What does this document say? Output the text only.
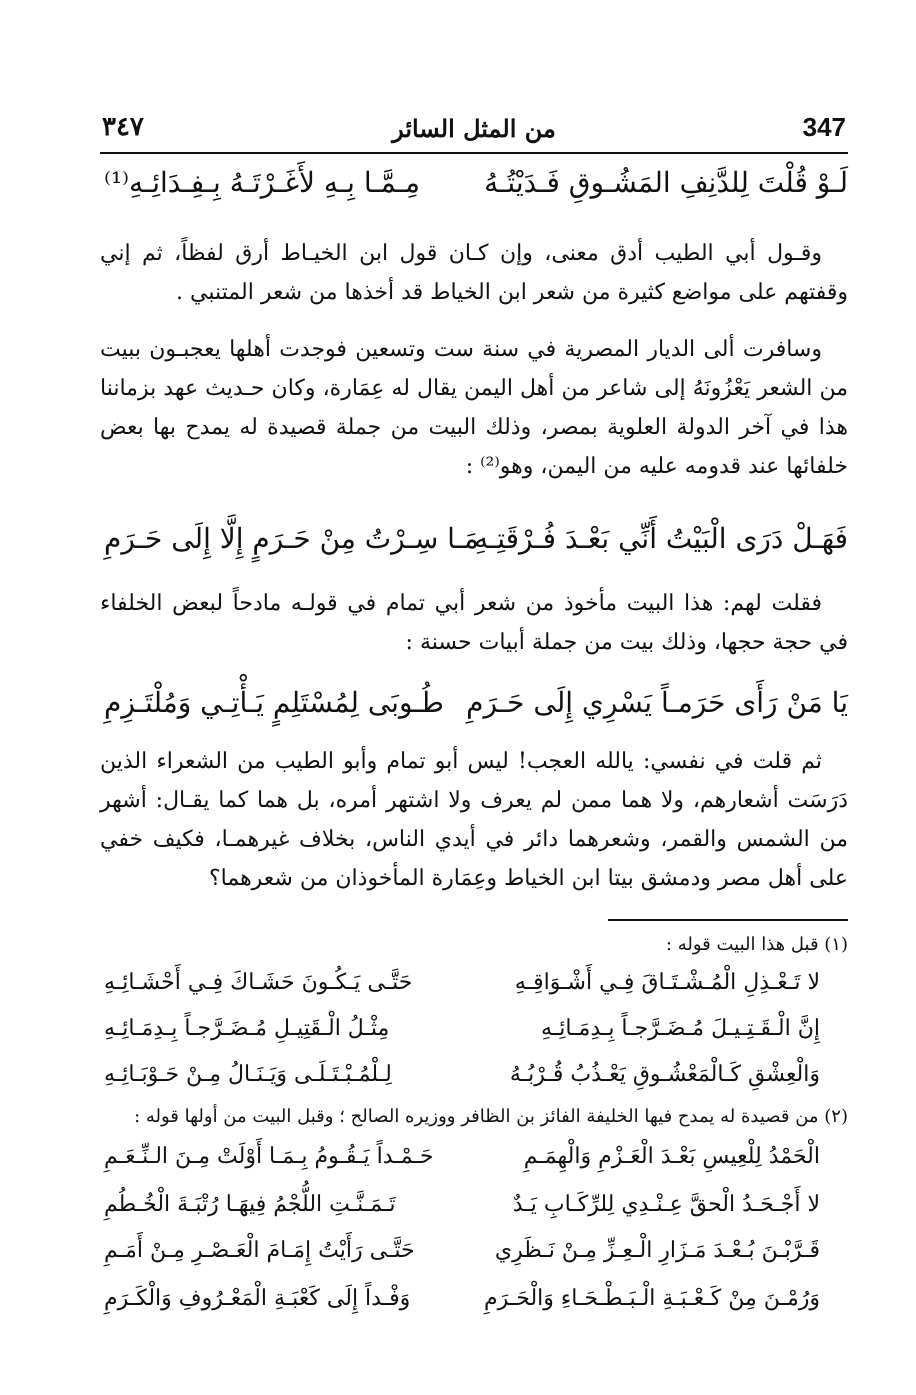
٣٤٧	من المثل السائر	347
لَـوْ قُلْتَ لِلدَّنِفِ المَشُـوقِ فَـدَيْتُـهُ
مِـمَّـا بِـهِ لأَغَـرْتَـهُ بِـفِـدَائِـهِ⁽¹⁾

وقـول أبي الطيب أدق معنى، وإن كـان قول ابن الخيـاط أرق لفظاً، ثم إني وقفتهم على مواضع كثيرة من شعر ابن الخياط قد أخذها من شعر المتنبي .

وسافرت ألى الديار المصرية في سنة ست وتسعين فوجدت أهلها يعجبـون ببيت من الشعر يَعْزُونَهُ إلى شاعر من أهل اليمن يقال له عِمَارة، وكان حـديث عهد بزماننا هذا في آخر الدولة العلوية بمصر، وذلك البيت من جملة قصيدة له يمدح بها بعض خلفائها عند قدومه عليه من اليمن، وهو⁽²⁾ :

فَهَـلْ دَرَى الْبَيْتُ أَنِّي بَعْـدَ فُـرْقَتِـهِ
مَـا سِـرْتُ مِنْ حَـرَمٍ إِلَّا إِلَى حَـرَمِ

فقلت لهم: هذا البيت مأخوذ من شعر أبي تمام في قولـه مادحاً لبعض الخلفاء في حجة حجها، وذلك بيت من جملة أبيات حسنة :

يَا مَنْ رَأَى حَرَمـاً يَسْرِي إِلَى حَـرَمِ
طُـوبَى لِمُسْتَلِمٍ يَـأْتِـي وَمُلْتَـزِمِ

ثم قلت في نفسي: يالله العجب! ليس أبو تمام وأبو الطيب من الشعراء الذين دَرَسَت أشعارهم، ولا هما ممن لم يعرف ولا اشتهر أمره، بل هما كما يقـال: أشهر من الشمس والقمر، وشعرهما دائر في أيدي الناس، بخلاف غيرهمـا، فكيف خفي على أهل مصر ودمشق بيتا ابن الخياط وعِمَارة المأخوذان من شعرهما؟

(١) قبل هذا البيت قوله :
لا تَـعْـذِلِ الْمُـشْـتَـاقَ فِـي أَشْـوَاقِـهِ
حَتَّـى يَـكُـونَ حَشَـاكَ فِـي أَحْشَـائِـهِ
إِنَّ الْـقَـتِـيـلَ مُـضَـرَّجـاً بِـدِمَـائِـهِ
مِثْـلُ الْـقَتِيـلِ مُـضَـرَّجـاً بِـدِمَـائِـهِ
وَالْعِشْقِ كَـالْمَعْشُـوقِ يَعْـذُبُ قُـرْبُـهُ
لِـلْمُـبْـتَـلَـى وَيَـنَـالُ مِـنْ حَـوْبَـائِـهِ
(٢) من قصيدة له يمدح فيها الخليفة الفائز بن الظافر ووزيره الصالح ؛ وقبل البيت من أولها قوله :
الْحَمْدُ لِلْعِيسِ بَعْـدَ الْعَـزْمِ وَالْهِمَـمِ
حَـمْـداً يَـقُـومُ بِـمَـا أَوْلَتْ مِـنَ الـنِّـعَـمِ
لا أَجْـحَـدُ الْحقَّ عِـنْـدِي لِلرِّكَـابِ يَـدٌ
تَـمَـنَّـتِ اللُّجْمُ فِيهَـا رُتْبَـةَ الْخُـطُمِ
قَـرَّبْـنَ بُـعْـدَ مَـزَارِ الْـعِـزِّ مِـنْ نَـظَرِي
حَتَّـى رَأَيْتُ إِمَـامَ الْعَـصْـرِ مِـنْ أَمَـمِ
وَرُمْـنَ مِنْ كَـعْـبَـةِ الْـبَـطْـحَـاءِ وَالْحَـرَمِ
وَفْـداً إِلَى كَعْبَـةِ الْمَعْـرُوفِ وَالْكَـرَمِ
